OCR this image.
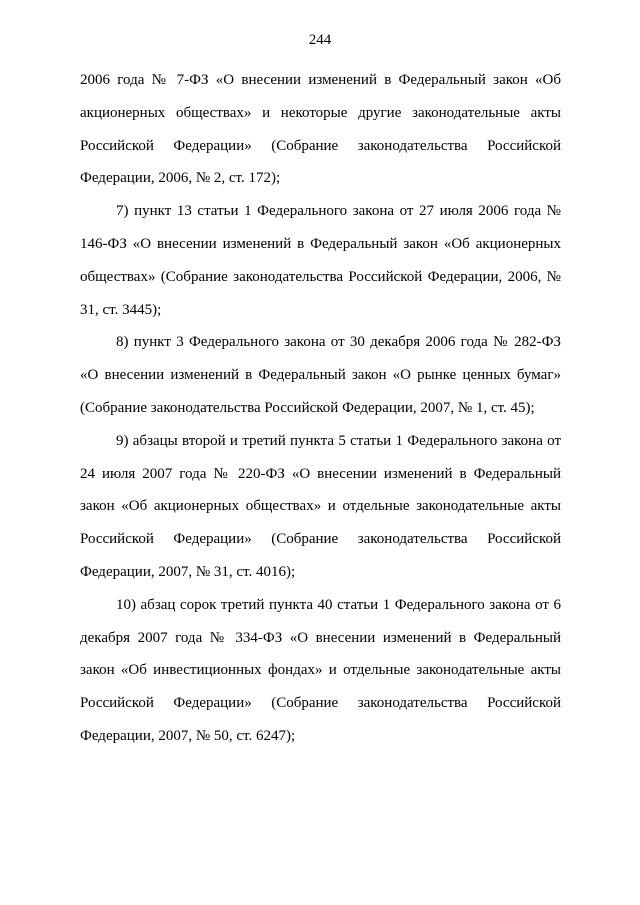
244

2006 года № 7-ФЗ «О внесении изменений в Федеральный закон «Об акционерных обществах» и некоторые другие законодательные акты Российской Федерации» (Собрание законодательства Российской Федерации, 2006, № 2, ст. 172);

7) пункт 13 статьи 1 Федерального закона от 27 июля 2006 года № 146-ФЗ «О внесении изменений в Федеральный закон «Об акционерных обществах» (Собрание законодательства Российской Федерации, 2006, № 31, ст. 3445);

8) пункт 3 Федерального закона от 30 декабря 2006 года № 282-ФЗ «О внесении изменений в Федеральный закон «О рынке ценных бумаг» (Собрание законодательства Российской Федерации, 2007, № 1, ст. 45);

9) абзацы второй и третий пункта 5 статьи 1 Федерального закона от 24 июля 2007 года № 220-ФЗ «О внесении изменений в Федеральный закон «Об акционерных обществах» и отдельные законодательные акты Российской Федерации» (Собрание законодательства Российской Федерации, 2007, № 31, ст. 4016);

10) абзац сорок третий пункта 40 статьи 1 Федерального закона от 6 декабря 2007 года № 334-ФЗ «О внесении изменений в Федеральный закон «Об инвестиционных фондах» и отдельные законодательные акты Российской Федерации» (Собрание законодательства Российской Федерации, 2007, № 50, ст. 6247);
